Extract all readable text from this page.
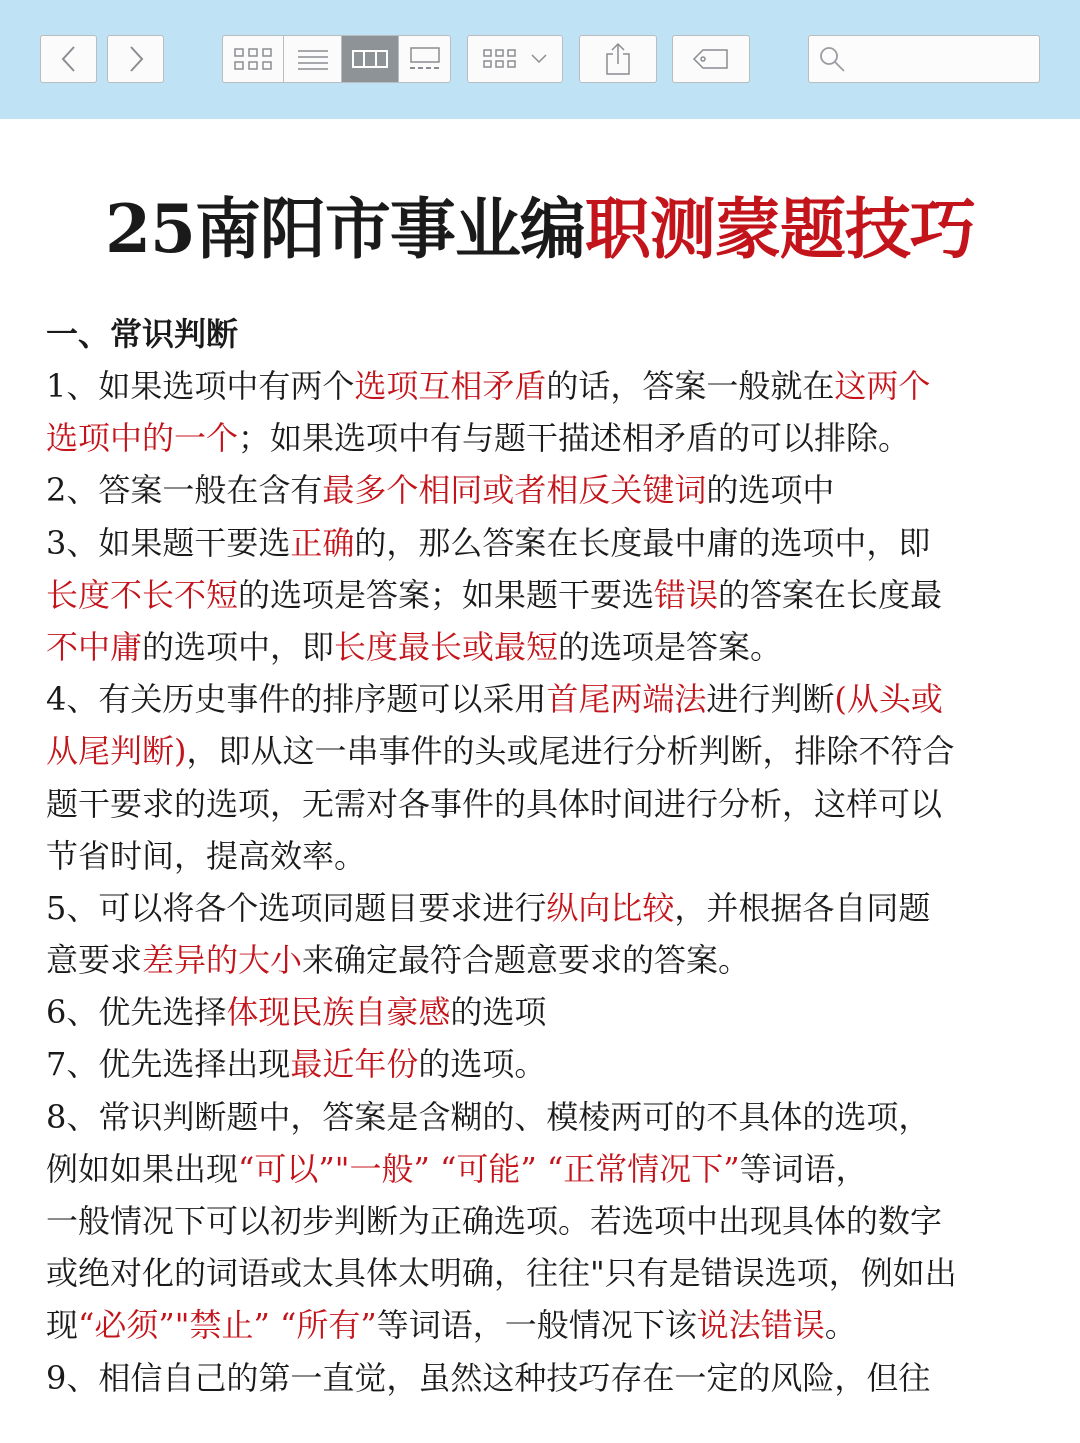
25南阳市事业编职测蒙题技巧
一、常识判断
1、如果选项中有两个选项互相矛盾的话，答案一般就在这两个
选项中的一个；如果选项中有与题干描述相矛盾的可以排除。
2、答案一般在含有最多个相同或者相反关键词的选项中
3、如果题干要选正确的，那么答案在长度最中庸的选项中，即
长度不长不短的选项是答案；如果题干要选错误的答案在长度最
不中庸的选项中，即长度最长或最短的选项是答案。
4、有关历史事件的排序题可以采用首尾两端法进行判断(从头或
从尾判断)，即从这一串事件的头或尾进行分析判断，排除不符合
题干要求的选项，无需对各事件的具体时间进行分析，这样可以
节省时间，提高效率。
5、可以将各个选项同题目要求进行纵向比较，并根据各自同题
意要求差异的大小来确定最符合题意要求的答案。
6、优先选择体现民族自豪感的选项
7、优先选择出现最近年份的选项。
8、常识判断题中，答案是含糊的、模棱两可的不具体的选项，
例如如果出现“可以”"一般” “可能” “正常情况下”等词语，
一般情况下可以初步判断为正确选项。若选项中出现具体的数字
或绝对化的词语或太具体太明确，往往"只有是错误选项，例如出
现“必须”"禁止” “所有”等词语，一般情况下该说法错误。
9、相信自己的第一直觉，虽然这种技巧存在一定的风险，但往
